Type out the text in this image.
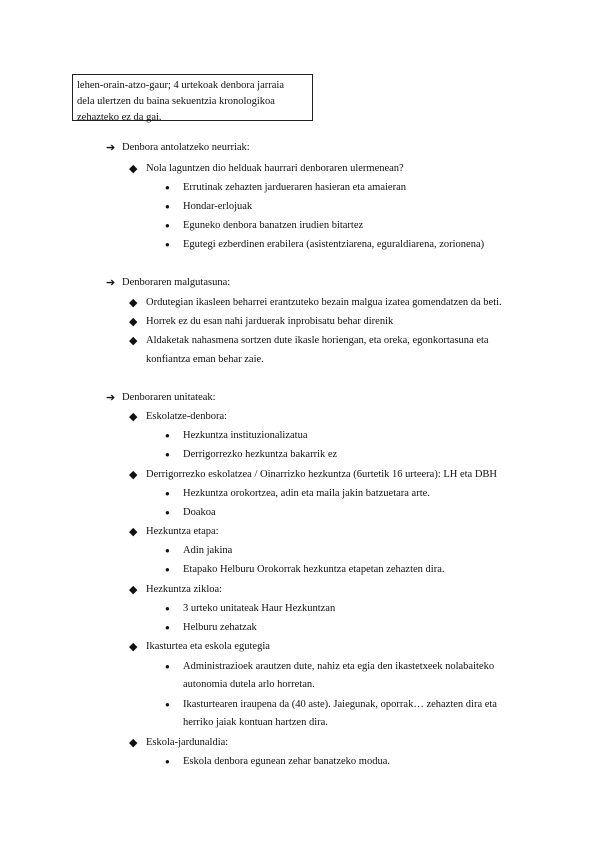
lehen-orain-atzo-gaur; 4 urtekoak denbora jarraia
dela ulertzen du baina sekuentzia kronologikoa
zehazteko ez da gai.
➔ Denbora antolatzeko neurriak:
◆ Nola laguntzen dio helduak haurrari denboraren ulermenean?
● Errutinak zehazten jardueraren hasieran eta amaieran
● Hondar-erlojuak
● Eguneko denbora banatzen irudien bitartez
● Egutegi ezberdinen erabilera (asistentziarena, eguraldiarena, zorionena)
➔ Denboraren malgutasuna:
◆ Ordutegian ikasleen beharrei erantzuteko bezain malgua izatea gomendatzen da beti.
◆ Horrek ez du esan nahi jarduerak inprobisatu behar direnik
◆ Aldaketak nahasmena sortzen dute ikasle horiengan, eta oreka, egonkortasuna eta
konfiantza eman behar zaie.
➔ Denboraren unitateak:
◆ Eskolatze-denbora:
● Hezkuntza instituzionalizatua
● Derrigorrezko hezkuntza bakarrik ez
◆ Derrigorrezko eskolatzea / Oinarrizko hezkuntza (6urtetik 16 urteera): LH eta DBH
● Hezkuntza orokortzea, adin eta maila jakin batzuetara arte.
● Doakoa
◆ Hezkuntza etapa:
● Adin jakina
● Etapako Helburu Orokorrak hezkuntza etapetan zehazten dira.
◆ Hezkuntza zikloa:
● 3 urteko unitateak Haur Hezkuntzan
● Helburu zehatzak
◆ Ikasturtea eta eskola egutegia
● Administrazioek arautzen dute, nahiz eta egia den ikastetxeek nolabaiteko
autonomia dutela arlo horretan.
● Ikasturtearen iraupena da (40 aste). Jaiegunak, oporrak… zehazten dira eta
herriko jaiak kontuan hartzen dira.
◆ Eskola-jardunaldia:
● Eskola denbora egunean zehar banatzeko modua.
